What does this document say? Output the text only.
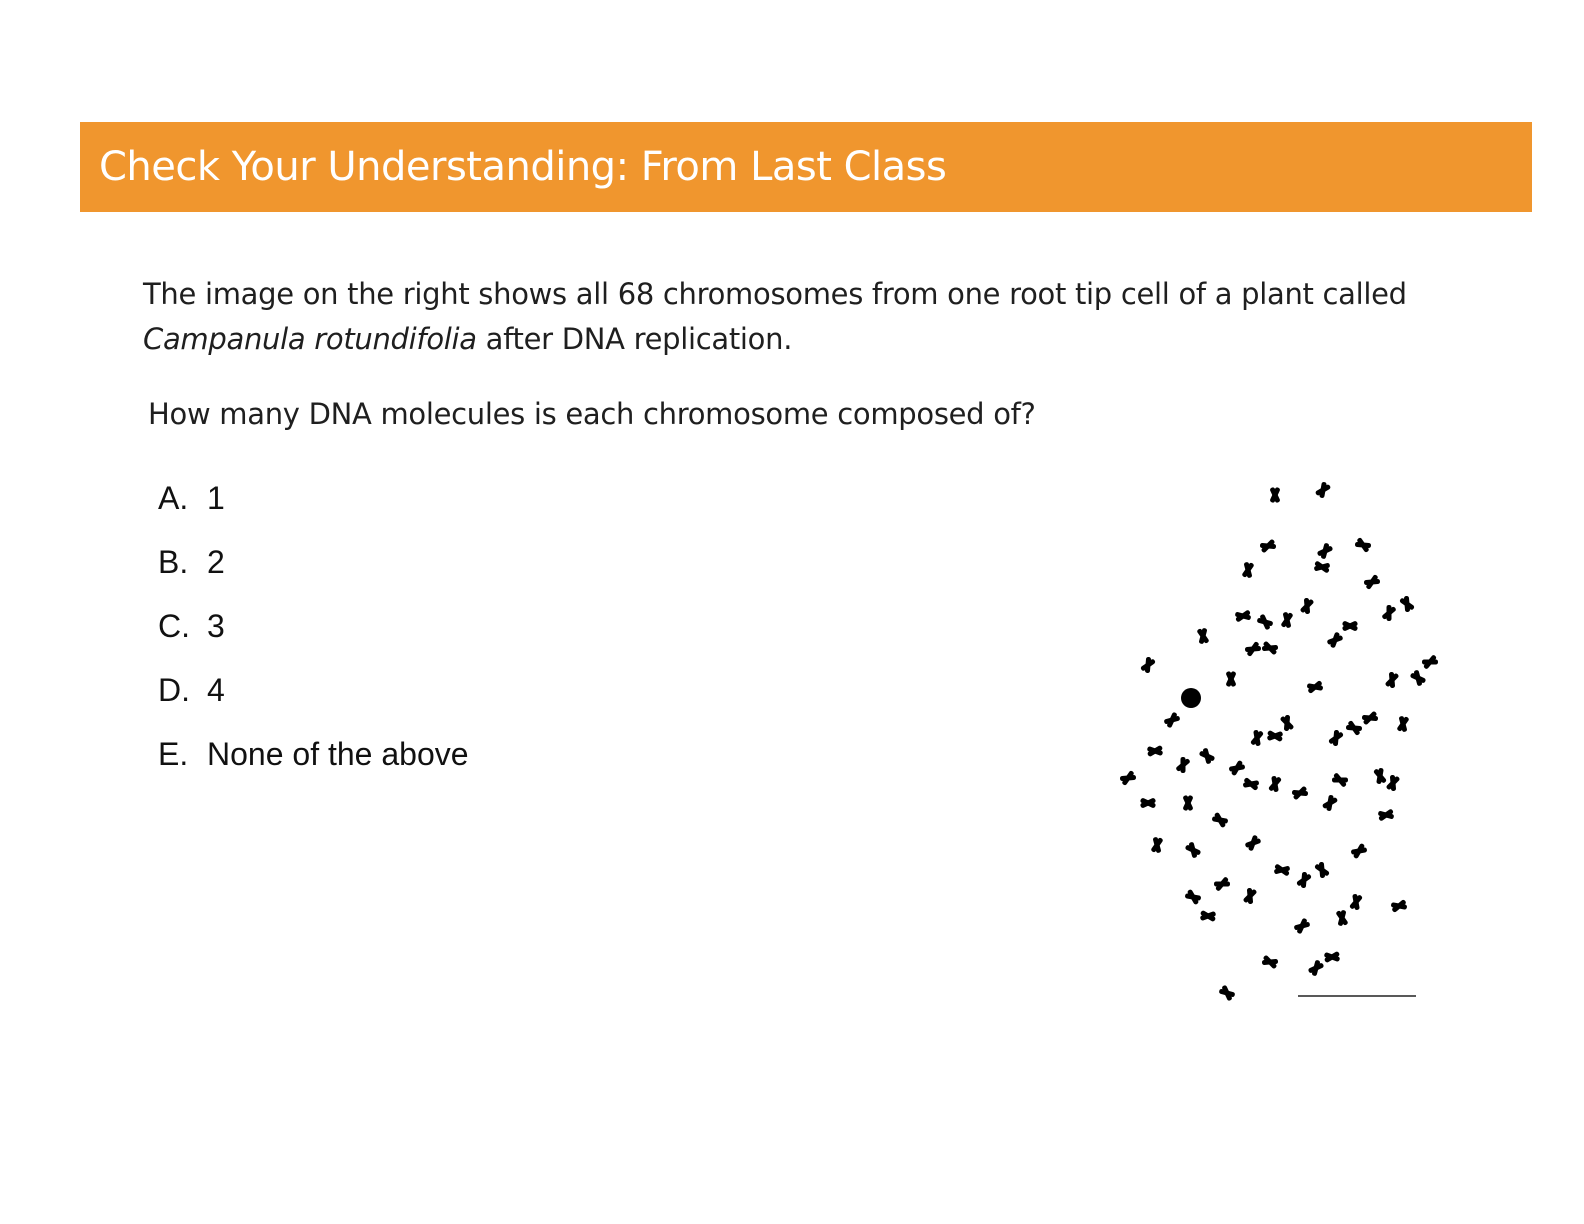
Check Your Understanding: From Last Class
The image on the right shows all 68 chromosomes from one root tip cell of a plant called Campanula rotundifolia after DNA replication.
How many DNA molecules is each chromosome composed of?
A. 1
B. 2
C. 3
D. 4
E. None of the above
